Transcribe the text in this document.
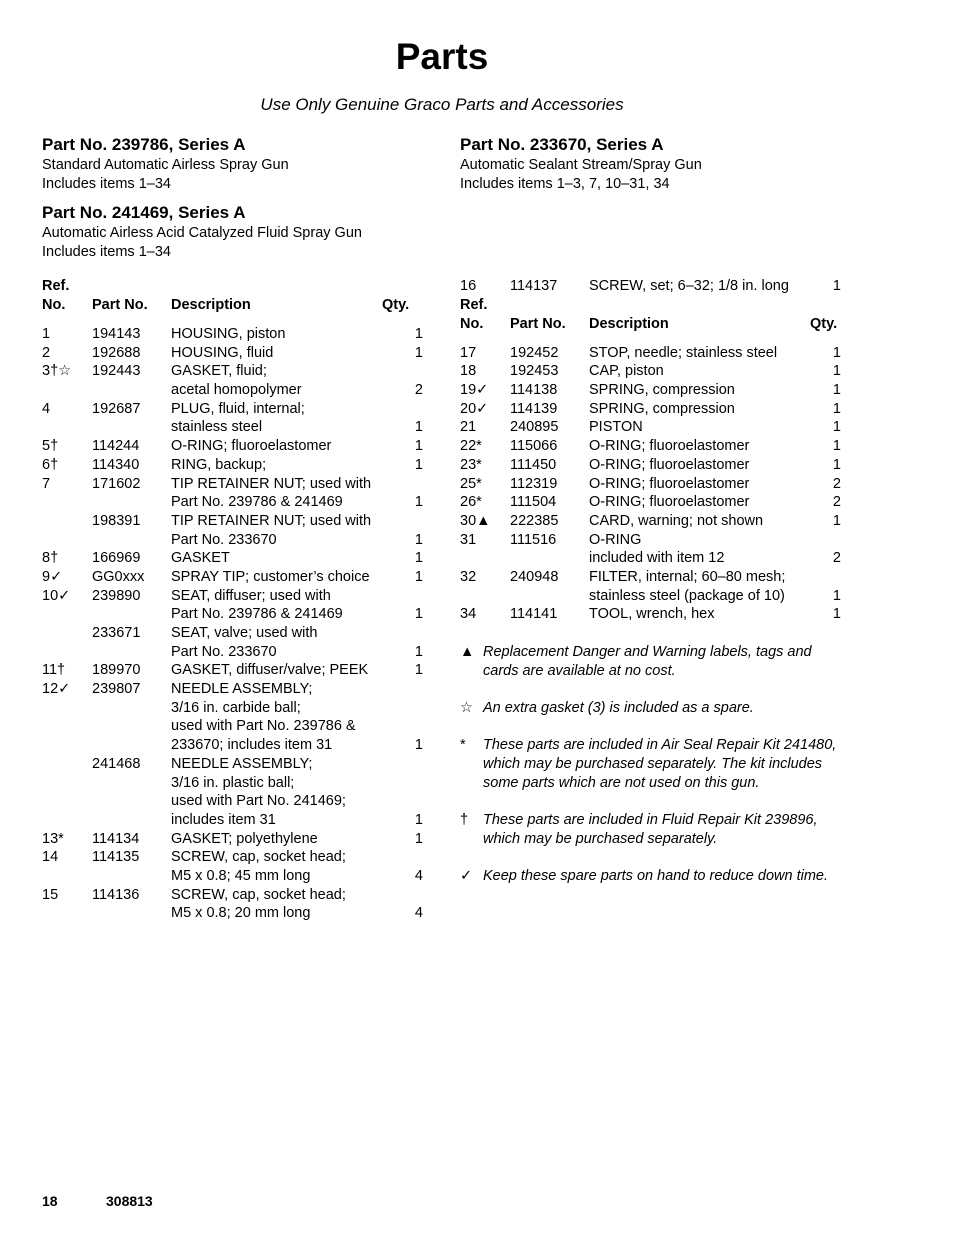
Parts
Use Only Genuine Graco Parts and Accessories
Part No. 239786, Series A
Standard Automatic Airless Spray Gun
Includes items 1–34
Part No. 233670, Series A
Automatic Sealant Stream/Spray Gun
Includes items 1–3, 7, 10–31, 34
Part No. 241469, Series A
Automatic Airless Acid Catalyzed Fluid Spray Gun
Includes items 1–34
Ref.
No. Part No. Description	Qty.
1	194143 HOUSING, piston	1
2	192688 HOUSING, fluid	1
3†☆ 192443 GASKET, fluid;
acetal homopolymer	2
4	192687 PLUG, fluid, internal;
stainless steel	1
5† 114244 O-RING; fluoroelastomer	1
6† 114340 RING, backup;	1
7	171602 TIP RETAINER NUT; used with
Part No. 239786 & 241469	1
198391 TIP RETAINER NUT; used with
Part No. 233670	1
8† 166969 GASKET	1
9✓ GG0xxx SPRAY TIP; customer’s choice	1
10✓ 239890 SEAT, diffuser; used with
Part No. 239786 & 241469	1
233671 SEAT, valve; used with
Part No. 233670	1
11† 189970 GASKET, diffuser/valve; PEEK	1
12✓ 239807 NEEDLE ASSEMBLY;
3/16 in. carbide ball;
used with Part No. 239786 &
233670; includes item 31	1
241468 NEEDLE ASSEMBLY;
3/16 in. plastic ball;
used with Part No. 241469;
includes item 31	1
13* 114134 GASKET; polyethylene	1
14 114135 SCREW, cap, socket head;
M5 x 0.8; 45 mm long	4
15 114136 SCREW, cap, socket head;
M5 x 0.8; 20 mm long	4
16 114137 SCREW, set; 6–32; 1/8 in. long	1
Ref.
No. Part No. Description	Qty.
17 192452 STOP, needle; stainless steel	1
18 192453 CAP, piston	1
19✓ 114138 SPRING, compression	1
20✓ 114139 SPRING, compression	1
21 240895 PISTON	1
22* 115066 O-RING; fluoroelastomer	1
23* 111450 O-RING; fluoroelastomer	1
25* 112319 O-RING; fluoroelastomer	2
26* 111504 O-RING; fluoroelastomer	2
30▲ 222385 CARD, warning; not shown	1
31 111516 O-RING
included with item 12	2
32 240948 FILTER, internal; 60–80 mesh;
stainless steel (package of 10)	1
34 114141 TOOL, wrench, hex	1
▲ Replacement Danger and Warning labels, tags and cards are available at no cost.
☆ An extra gasket (3) is included as a spare.
* These parts are included in Air Seal Repair Kit 241480, which may be purchased separately. The kit includes some parts which are not used on this gun.
† These parts are included in Fluid Repair Kit 239896, which may be purchased separately.
✓ Keep these spare parts on hand to reduce down time.
18	308813
